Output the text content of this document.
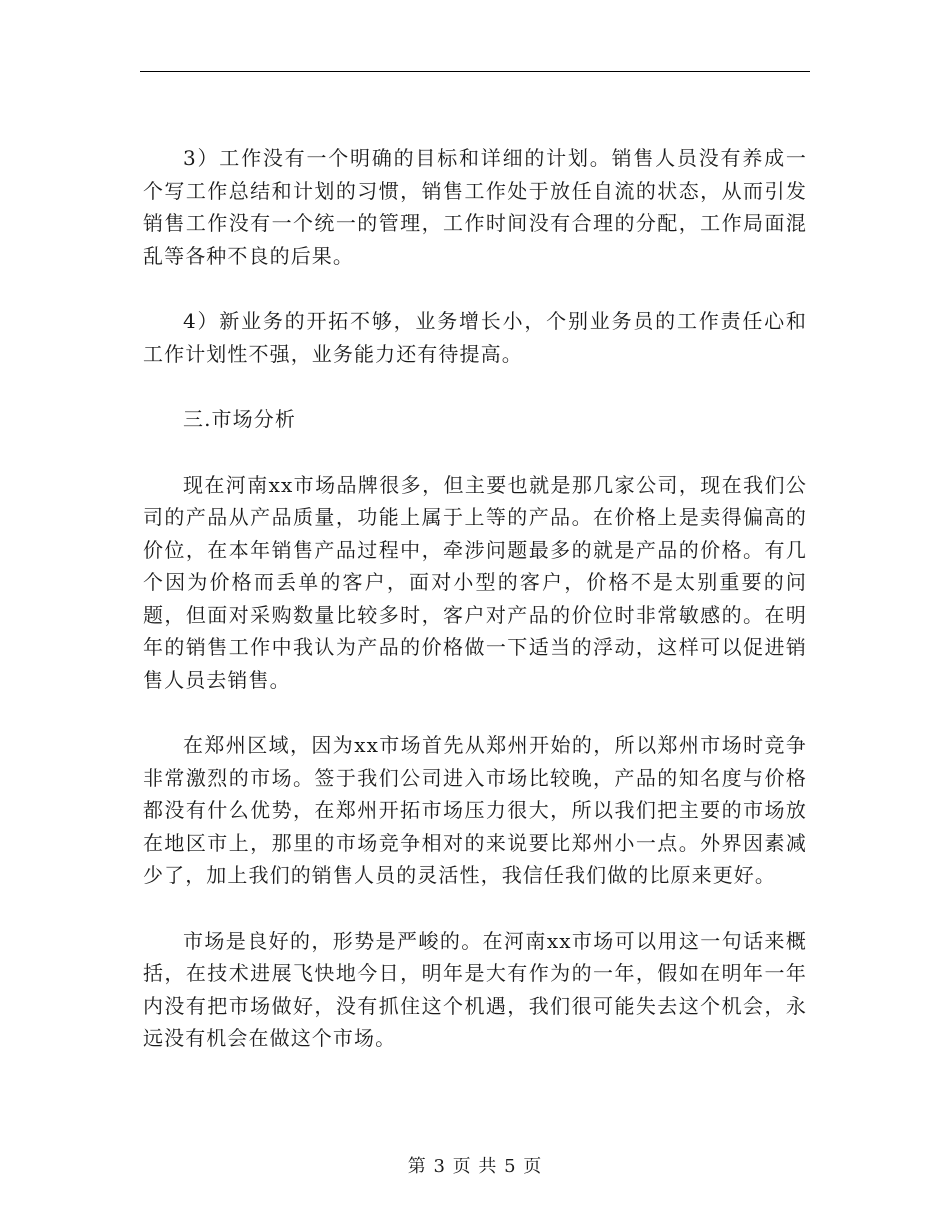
3）工作没有一个明确的目标和详细的计划。销售人员没有养成一个写工作总结和计划的习惯，销售工作处于放任自流的状态，从而引发销售工作没有一个统一的管理，工作时间没有合理的分配，工作局面混乱等各种不良的后果。

4）新业务的开拓不够，业务增长小，个别业务员的工作责任心和工作计划性不强，业务能力还有待提高。

三.市场分析

现在河南xx市场品牌很多，但主要也就是那几家公司，现在我们公司的产品从产品质量，功能上属于上等的产品。在价格上是卖得偏高的价位，在本年销售产品过程中，牵涉问题最多的就是产品的价格。有几个因为价格而丢单的客户，面对小型的客户，价格不是太别重要的问题，但面对采购数量比较多时，客户对产品的价位时非常敏感的。在明年的销售工作中我认为产品的价格做一下适当的浮动，这样可以促进销售人员去销售。

在郑州区域，因为xx市场首先从郑州开始的，所以郑州市场时竞争非常激烈的市场。签于我们公司进入市场比较晚，产品的知名度与价格都没有什么优势，在郑州开拓市场压力很大，所以我们把主要的市场放在地区市上，那里的市场竞争相对的来说要比郑州小一点。外界因素减少了，加上我们的销售人员的灵活性，我信任我们做的比原来更好。

市场是良好的，形势是严峻的。在河南xx市场可以用这一句话来概括，在技术进展飞快地今日，明年是大有作为的一年，假如在明年一年内没有把市场做好，没有抓住这个机遇，我们很可能失去这个机会，永远没有机会在做这个市场。

第 3 页 共 5 页
